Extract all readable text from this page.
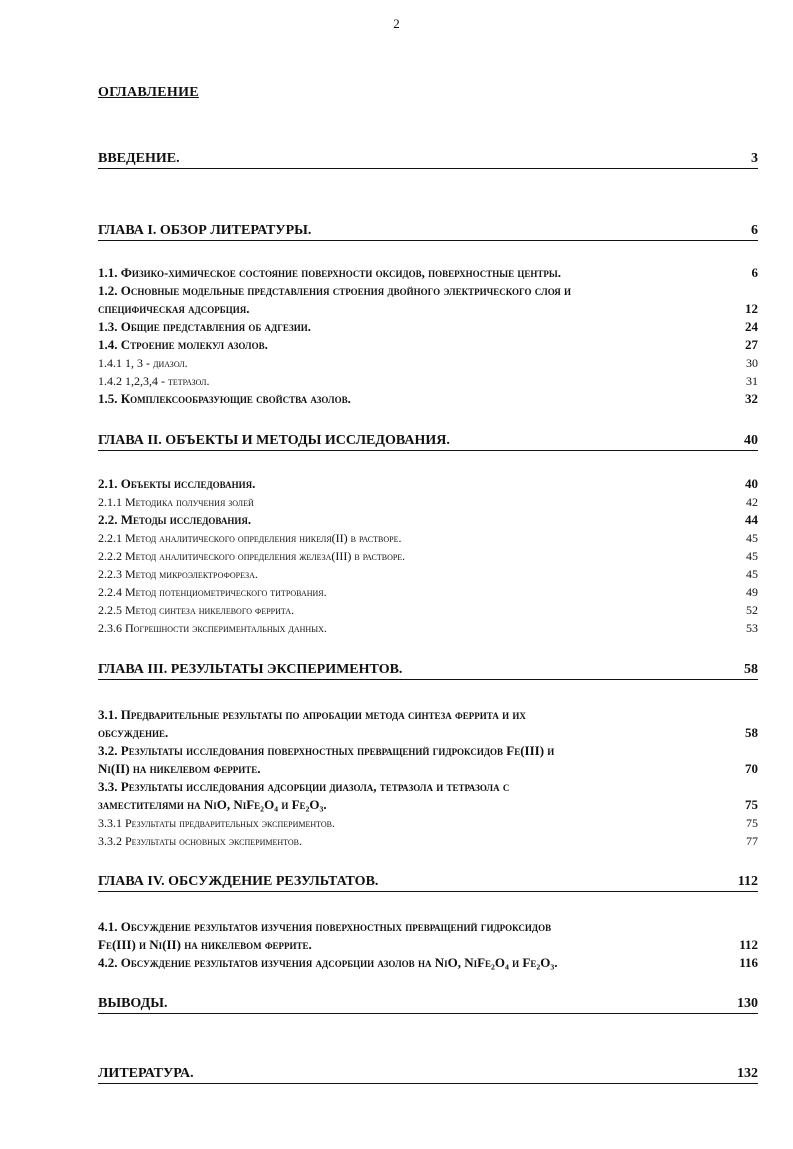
2
ОГЛАВЛЕНИЕ
ВВЕДЕНИЕ.	3
ГЛАВА I. ОБЗОР ЛИТЕРАТУРЫ.	6
1.1. Физико-химическое состояние поверхности оксидов, поверхностные центры.	6
1.2. Основные модельные представления строения двойного электрического слоя и
специфическая адсорбция.	12
1.3. Общие представления об адгезии.	24
1.4. Строение молекул азолов.	27
1.4.1 1, 3 - диазол.	30
1.4.2 1,2,3,4 - тетразол.	31
1.5. Комплексообразующие свойства азолов.	32
ГЛАВА II. ОБЪЕКТЫ И МЕТОДЫ ИССЛЕДОВАНИЯ.	40
2.1. Объекты исследования.	40
2.1.1 Методика получения золей	42
2.2. Методы исследования.	44
2.2.1 Метод аналитического определения никеля(II) в растворе.	45
2.2.2 Метод аналитического определения железа(III) в растворе.	45
2.2.3 Метод микроэлектрофореза.	45
2.2.4 Метод потенциометрического титрования.	49
2.2.5 Метод синтеза никелевого феррита.	52
2.3.6 Погрешности экспериментальных данных.	53
ГЛАВА III. РЕЗУЛЬТАТЫ ЭКСПЕРИМЕНТОВ.	58
3.1. Предварительные результаты по апробации метода синтеза феррита и их
обсуждение.	58
3.2. Результаты исследования поверхностных превращений гидроксидов Fe(III) и
Ni(II) на никелевом феррите.	70
3.3. Результаты исследования адсорбции диазола, тетразола и тетразола с
заместителями на NiO, NiFe₂O₄ и Fe₂O₃.	75
3.3.1 Результаты предварительных экспериментов.	75
3.3.2 Результаты основных экспериментов.	77
ГЛАВА IV. ОБСУЖДЕНИЕ РЕЗУЛЬТАТОВ.	112
4.1. Обсуждение результатов изучения поверхностных превращений гидроксидов
Fe(III) и Ni(II) на никелевом феррите.	112
4.2. Обсуждение результатов изучения адсорбции азолов на NiO, NiFe₂O₄ и Fe₂O₃.	116
ВЫВОДЫ.	130
ЛИТЕРАТУРА.	132
